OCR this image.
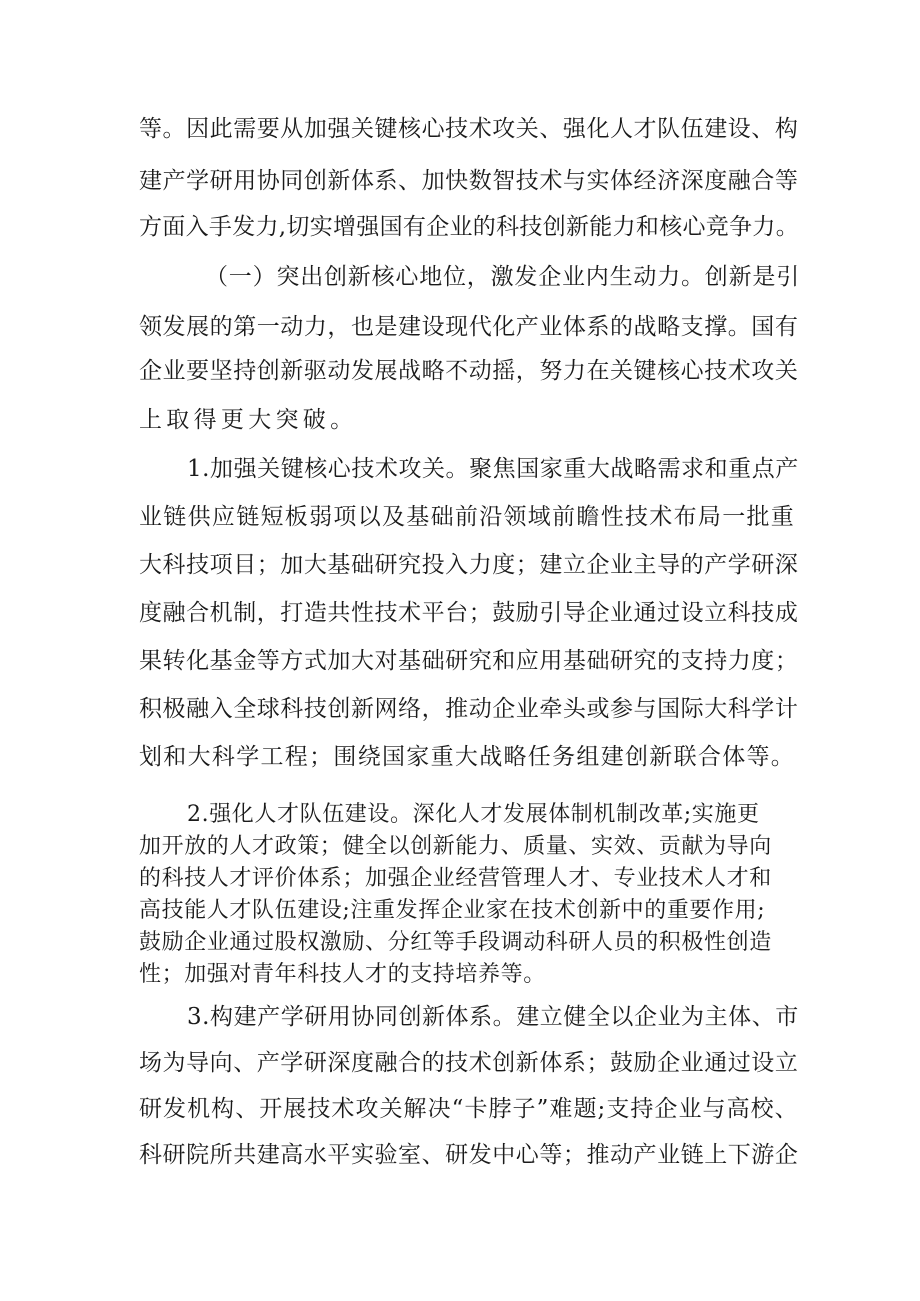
等。因此需要从加强关键核心技术攻关、强化人才队伍建设、构

建产学研用协同创新体系、加快数智技术与实体经济深度融合等

方面入手发力,切实增强国有企业的科技创新能力和核心竞争力。

（一）突出创新核心地位，激发企业内生动力。创新是引

领发展的第一动力，也是建设现代化产业体系的战略支撑。国有

企业要坚持创新驱动发展战略不动摇，努力在关键核心技术攻关

上取得更大突破。

1.加强关键核心技术攻关。聚焦国家重大战略需求和重点产

业链供应链短板弱项以及基础前沿领域前瞻性技术布局一批重

大科技项目；加大基础研究投入力度；建立企业主导的产学研深

度融合机制，打造共性技术平台；鼓励引导企业通过设立科技成

果转化基金等方式加大对基础研究和应用基础研究的支持力度；

积极融入全球科技创新网络，推动企业牵头或参与国际大科学计

划和大科学工程；围绕国家重大战略任务组建创新联合体等。

2.强化人才队伍建设。深化人才发展体制机制改革;实施更

加开放的人才政策；健全以创新能力、质量、实效、贡献为导向

的科技人才评价体系；加强企业经营管理人才、专业技术人才和

高技能人才队伍建设;注重发挥企业家在技术创新中的重要作用;

鼓励企业通过股权激励、分红等手段调动科研人员的积极性创造

性；加强对青年科技人才的支持培养等。

3.构建产学研用协同创新体系。建立健全以企业为主体、市

场为导向、产学研深度融合的技术创新体系；鼓励企业通过设立

研发机构、开展技术攻关解决“卡脖子”难题;支持企业与高校、

科研院所共建高水平实验室、研发中心等；推动产业链上下游企
